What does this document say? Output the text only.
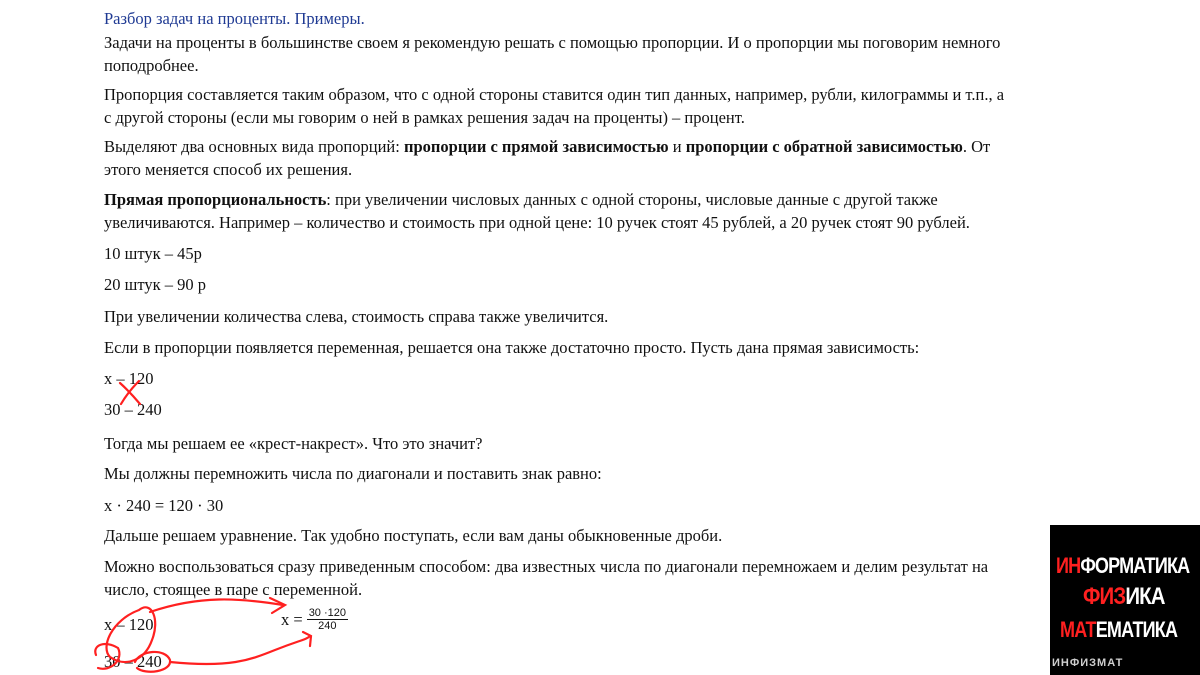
Разбор задач на проценты. Примеры.
Задачи на проценты в большинстве своем я рекомендую решать с помощью пропорции. И о пропорции мы поговорим немного
поподробнее.
Пропорция составляется таким образом, что с одной стороны ставится один тип данных, например, рубли, килограммы и т.п., а
с другой стороны (если мы говорим о ней в рамках решения задач на проценты) – процент.
Выделяют два основных вида пропорций: пропорции с прямой зависимостью и пропорции с обратной зависимостью. От
этого меняется способ их решения.
Прямая пропорциональность: при увеличении числовых данных с одной стороны, числовые данные с другой также
увеличиваются. Например – количество и стоимость при одной цене: 10 ручек стоят 45 рублей, а 20 ручек стоят 90 рублей.
10 штук – 45р
20 штук – 90 р
При увеличении количества слева, стоимость справа также увеличится.
Если в пропорции появляется переменная, решается она также достаточно просто. Пусть дана прямая зависимость:
x – 120
30 – 240
Тогда мы решаем ее «крест-накрест». Что это значит?
Мы должны перемножить числа по диагонали и поставить знак равно:
x · 240 = 120 · 30
Дальше решаем уравнение. Так удобно поступать, если вам даны обыкновенные дроби.
Можно воспользоваться сразу приведенным способом: два известных числа по диагонали перемножаем и делим результат на
число, стоящее в паре с переменной.
x – 120
30 – 240
$x = \frac{30 \cdot 120}{240}$
ИНФОРМАТИКА
ФИЗИКА
МАТЕМАТИКА
ИНФИЗМАТ
